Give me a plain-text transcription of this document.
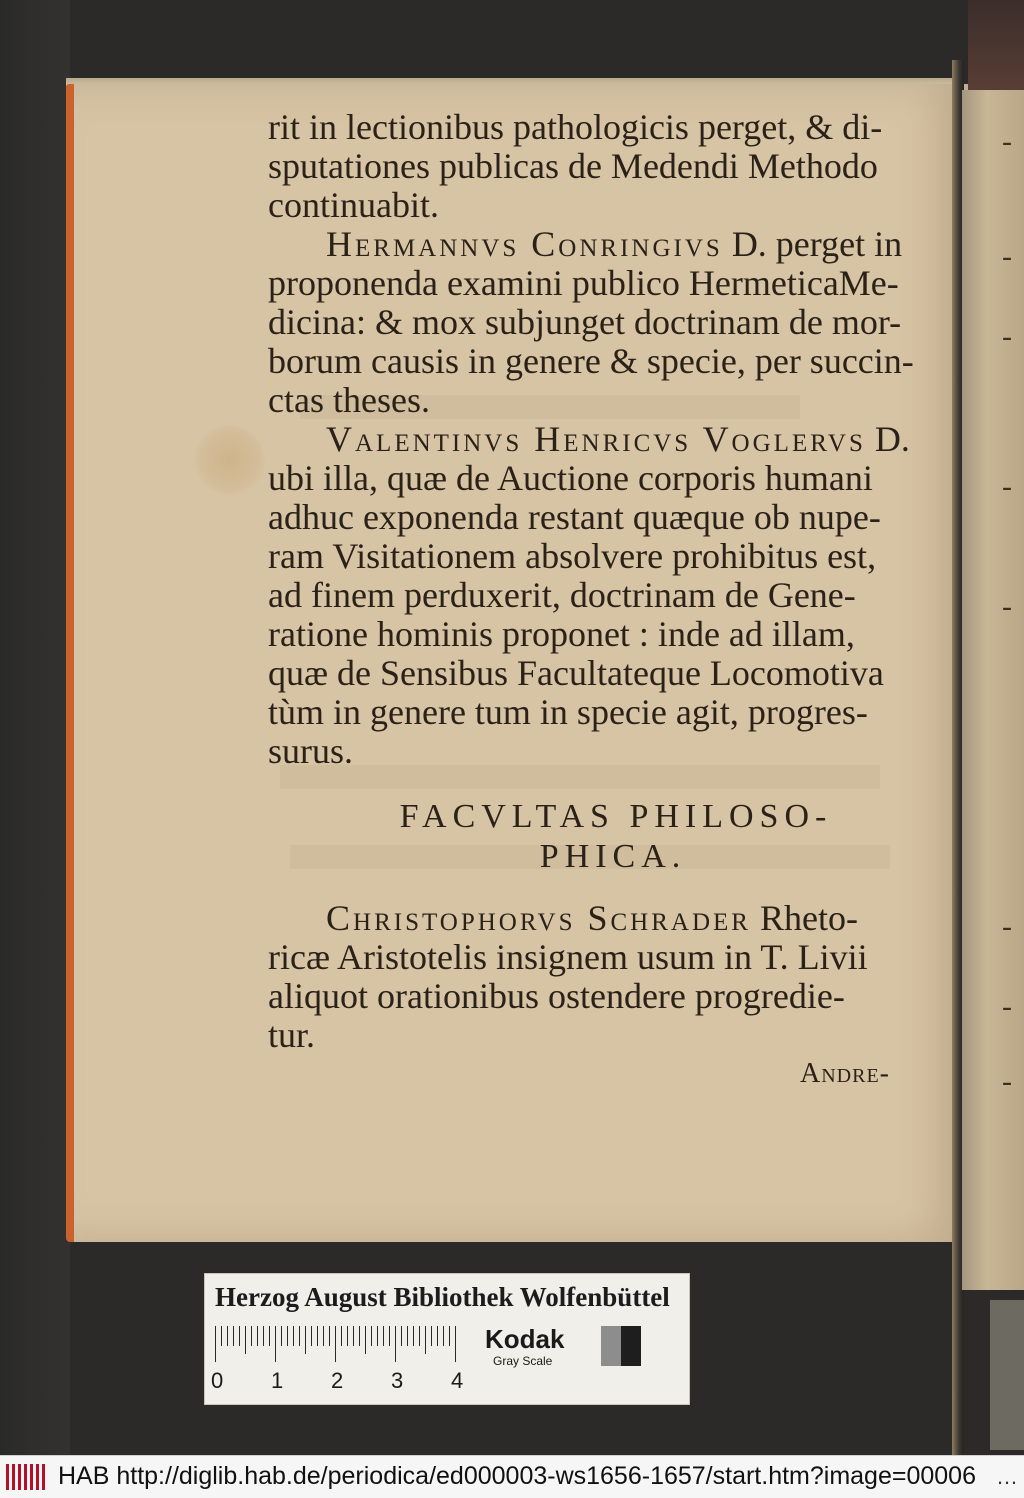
-
-
-
-
-
-
-
-
rit in lectionibus pathologicis perget, & di-
sputationes publicas de Medendi Methodo
continuabit.
Hermannvs Conringivs D. perget in
proponenda examini publico HermeticaMe-
dicina: & mox subjunget doctrinam de mor-
borum causis in genere & specie, per succin-
ctas theses.
Valentinvs Henricvs Voglervs D.
ubi illa, quæ de Auctione corporis humani
adhuc exponenda restant quæque ob nupe-
ram Visitationem absolvere prohibitus est,
ad finem perduxerit, doctrinam de Gene-
ratione hominis proponet : inde ad illam,
quæ de Sensibus Facultateque Locomotiva
tùm in genere tum in specie agit, progres-
surus.
FACVLTAS PHILOSO-
PHICA.
Christophorvs Schrader Rheto-
ricæ Aristotelis insignem usum in T. Livii
aliquot orationibus ostendere progredie-
tur.
Andre-
Herzog August Bibliothek Wolfenbüttel
0 1 2 3 4
Kodak
Gray Scale
HAB http://diglib.hab.de/periodica/ed000003-ws1656-1657/start.htm?image=00006 …
